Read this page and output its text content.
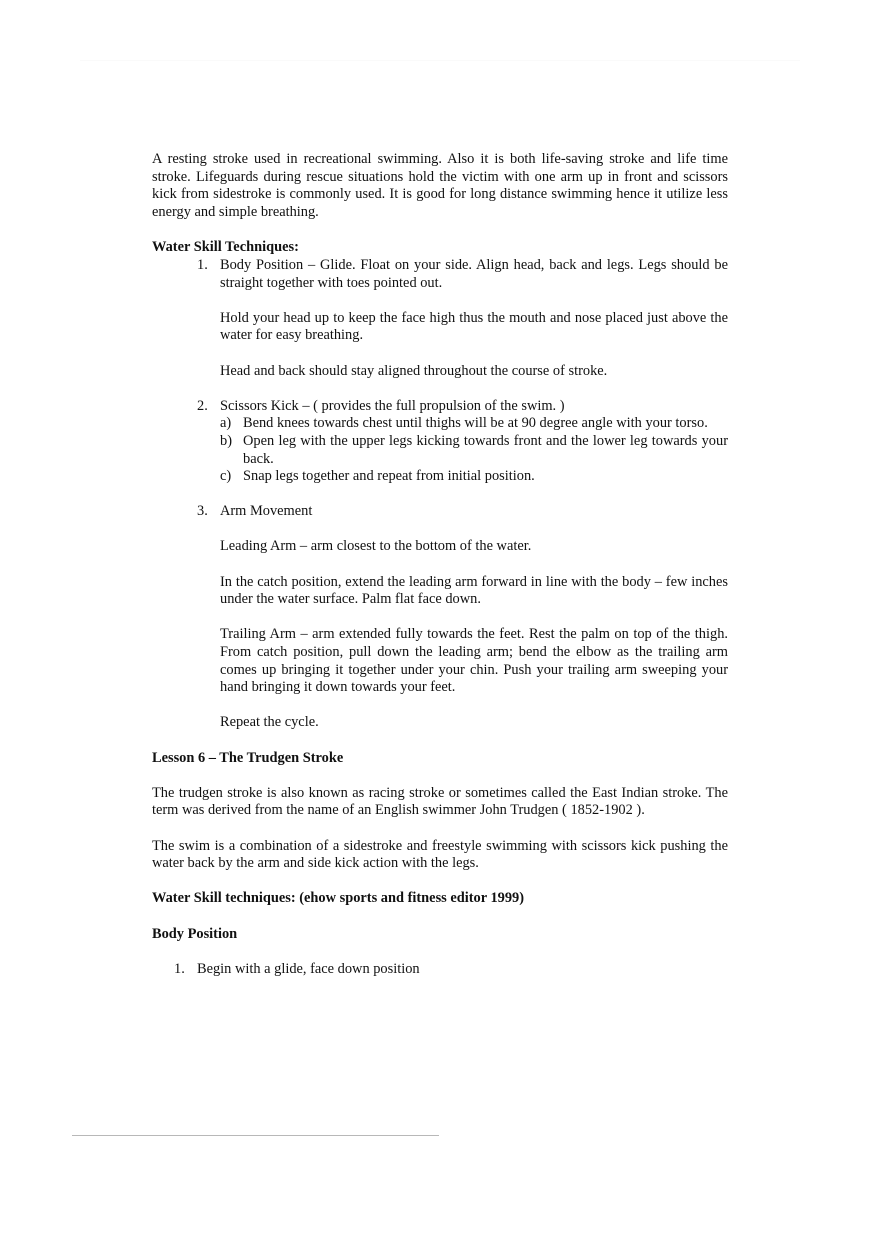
A resting stroke used in recreational swimming. Also it is both life-saving stroke and life time stroke. Lifeguards during rescue situations hold the victim with one arm up in front and scissors kick from sidestroke is commonly used. It is good for long distance swimming hence it utilize less energy and simple breathing.

Water Skill Techniques:

1. Body Position – Glide. Float on your side. Align head, back and legs. Legs should be straight together with toes pointed out.

Hold your head up to keep the face high thus the mouth and nose placed just above the water for easy breathing.

Head and back should stay aligned throughout the course of stroke.

2. Scissors Kick – ( provides the full propulsion of the swim. )

a) Bend knees towards chest until thighs will be at 90 degree angle with your torso.
b) Open leg with the upper legs kicking towards front and the lower leg towards your back.
c) Snap legs together and repeat from initial position.
3. Arm Movement

Leading Arm – arm closest to the bottom of the water.

In the catch position, extend the leading arm forward in line with the body – few inches under the water surface. Palm flat face down.

Trailing Arm – arm extended fully towards the feet. Rest the palm on top of the thigh. From catch position, pull down the leading arm; bend the elbow as the trailing arm comes up bringing it together under your chin. Push your trailing arm sweeping your hand bringing it down towards your feet.

Repeat the cycle.

Lesson 6 – The Trudgen Stroke

The trudgen stroke is also known as racing stroke or sometimes called the East Indian stroke. The term was derived from the name of an English swimmer John Trudgen ( 1852-1902 ).

The swim is a combination of a sidestroke and freestyle swimming with scissors kick pushing the water back by the arm and side kick action with the legs.

Water Skill techniques: (ehow sports and fitness editor 1999)

Body Position

1. Begin with a glide, face down position
